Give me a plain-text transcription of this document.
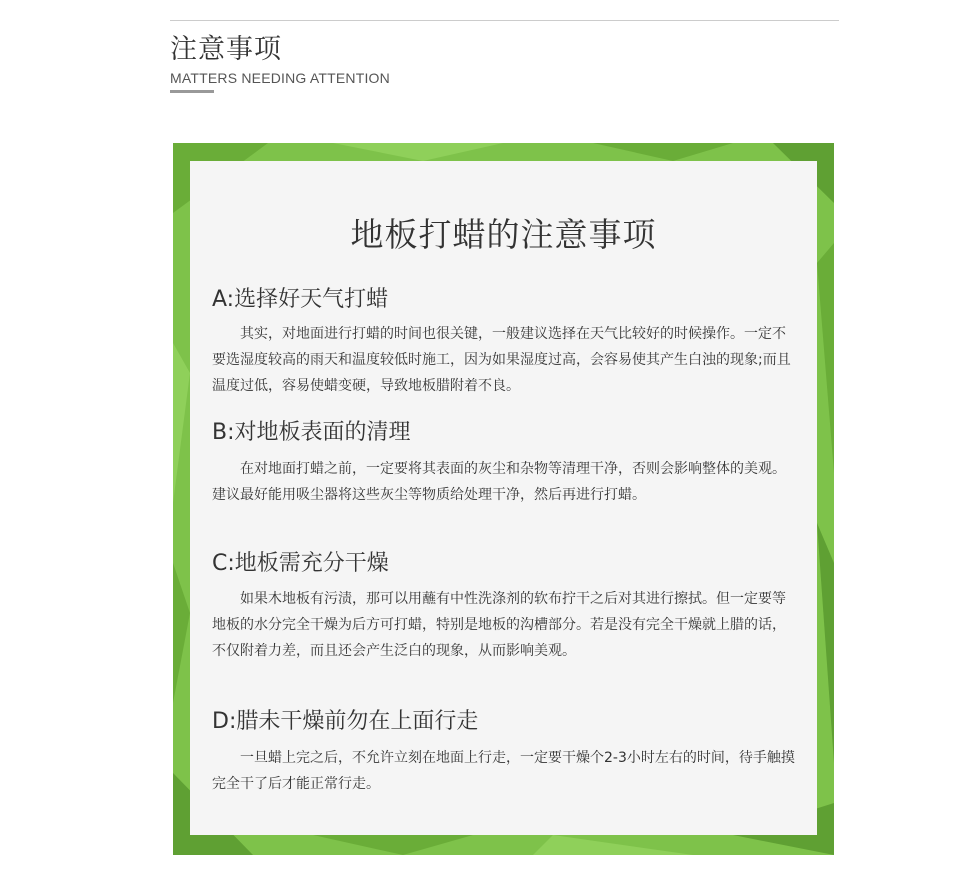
注意事项
MATTERS NEEDING ATTENTION
地板打蜡的注意事项
A:选择好天气打蜡

其实，对地面进行打蜡的时间也很关键，一般建议选择在天气比较好的时候操作。一定不要选湿度较高的雨天和温度较低时施工，因为如果湿度过高，会容易使其产生白浊的现象;而且温度过低，容易使蜡变硬，导致地板腊附着不良。

B:对地板表面的清理

在对地面打蜡之前，一定要将其表面的灰尘和杂物等清理干净，否则会影响整体的美观。建议最好能用吸尘器将这些灰尘等物质给处理干净，然后再进行打蜡。

C:地板需充分干燥

如果木地板有污渍，那可以用蘸有中性洗涤剂的软布拧干之后对其进行擦拭。但一定要等地板的水分完全干燥为后方可打蜡，特别是地板的沟槽部分。若是没有完全干燥就上腊的话，不仅附着力差，而且还会产生泛白的现象，从而影响美观。

D:腊未干燥前勿在上面行走

一旦蜡上完之后，不允许立刻在地面上行走，一定要干燥个2-3小时左右的时间，待手触摸完全干了后才能正常行走。
